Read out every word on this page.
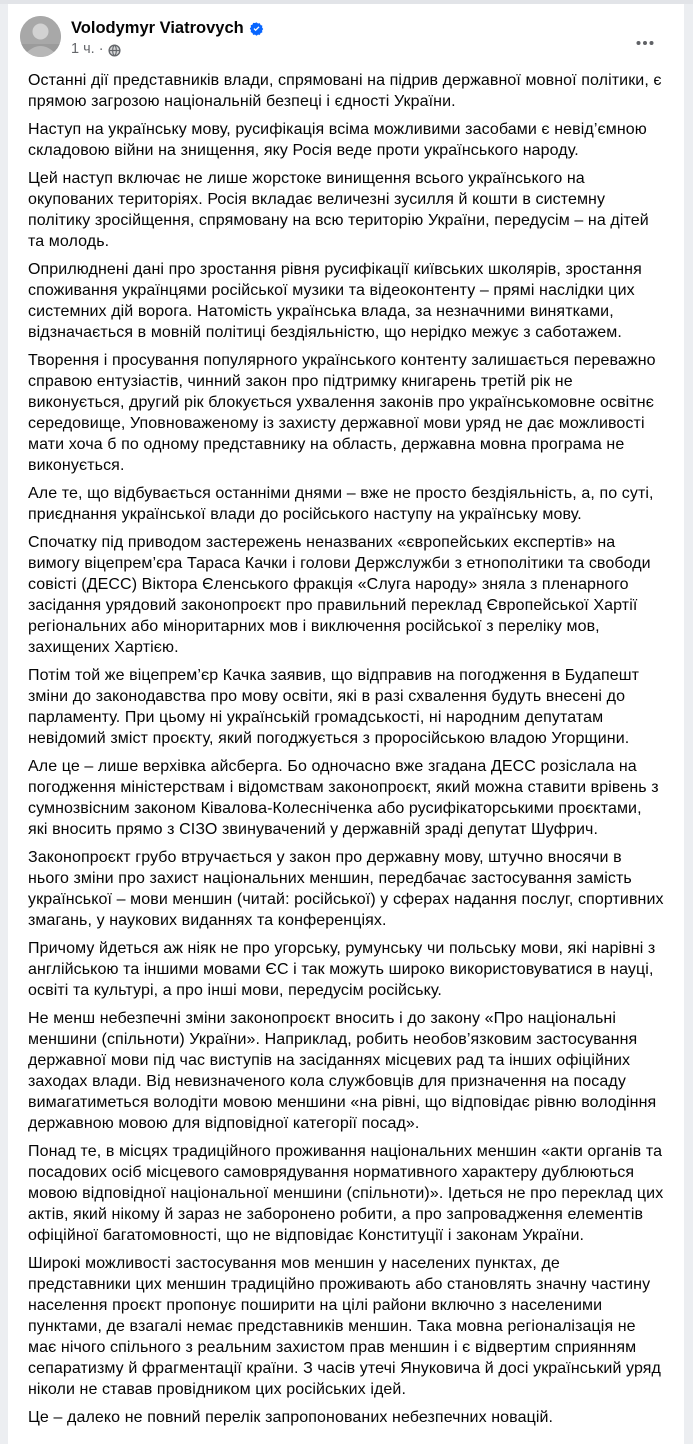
Volodymyr Viatrovych
1 ч. ·

Останні дії представників влади, спрямовані на підрив державної мовної політики, є прямою загрозою національній безпеці і єдності України.

Наступ на українську мову, русифікація всіма можливими засобами є невід’ємною складовою війни на знищення, яку Росія веде проти українського народу.

Цей наступ включає не лише жорстоке винищення всього українського на окупованих територіях. Росія вкладає величезні зусилля й кошти в системну політику зросійщення, спрямовану на всю територію України, передусім – на дітей та молодь.

Оприлюднені дані про зростання рівня русифікації київських школярів, зростання споживання українцями російської музики та відеоконтенту – прямі наслідки цих системних дій ворога. Натомість українська влада, за незначними винятками, відзначається в мовній політиці бездіяльністю, що нерідко межує з саботажем.

Творення і просування популярного українського контенту залишається переважно справою ентузіастів, чинний закон про підтримку книгарень третій рік не виконується, другий рік блокується ухвалення законів про українськомовне освітнє середовище, Уповноваженому із захисту державної мови уряд не дає можливості мати хоча б по одному представнику на область, державна мовна програма не виконується.

Але те, що відбувається останніми днями – вже не просто бездіяльність, а, по суті, приєднання української влади до російського наступу на українську мову.

Спочатку під приводом застережень неназваних «європейських експертів» на вимогу віцепрем’єра Тараса Качки і голови Держслужби з етнополітики та свободи совісті (ДЕСС) Віктора Єленського фракція «Слуга народу» зняла з пленарного засідання урядовий законопроєкт про правильний переклад Європейської Хартії регіональних або міноритарних мов і виключення російської з переліку мов, захищених Хартією.

Потім той же віцепрем’єр Качка заявив, що відправив на погодження в Будапешт зміни до законодавства про мову освіти, які в разі схвалення будуть внесені до парламенту. При цьому ні українській громадськості, ні народним депутатам невідомий зміст проєкту, який погоджується з проросійською владою Угорщини.

Але це – лише верхівка айсберга. Бо одночасно вже згадана ДЕСС розіслала на погодження міністерствам і відомствам законопроєкт, який можна ставити врівень з сумнозвісним законом Ківалова-Колесніченка або русифікаторськими проєктами, які вносить прямо з СІЗО звинувачений у державній зраді депутат Шуфрич.

Законопроєкт грубо втручається у закон про державну мову, штучно вносячи в нього зміни про захист національних меншин, передбачає застосування замість української – мови меншин (читай: російської) у сферах надання послуг, спортивних змагань, у наукових виданнях та конференціях.

Причому йдеться аж ніяк не про угорську, румунську чи польську мови, які нарівні з англійською та іншими мовами ЄС і так можуть широко використовуватися в науці, освіті та культурі, а про інші мови, передусім російську.

Не менш небезпечні зміни законопроєкт вносить і до закону «Про національні меншини (спільноти) України». Наприклад, робить необов’язковим застосування державної мови під час виступів на засіданнях місцевих рад та інших офіційних заходах влади. Від невизначеного кола службовців для призначення на посаду вимагатиметься володіти мовою меншини «на рівні, що відповідає рівню володіння державною мовою для відповідної категорії посад».

Понад те, в місцях традиційного проживання національних меншин «акти органів та посадових осіб місцевого самоврядування нормативного характеру дублюються мовою відповідної національної меншини (спільноти)». Ідеться не про переклад цих актів, який нікому й зараз не заборонено робити, а про запровадження елементів офіційної багатомовності, що не відповідає Конституції і законам України.

Широкі можливості застосування мов меншин у населених пунктах, де представники цих меншин традиційно проживають або становлять значну частину населення проєкт пропонує поширити на цілі райони включно з населеними пунктами, де взагалі немає представників меншин. Така мовна регіоналізація не має нічого спільного з реальним захистом прав меншин і є відвертим сприянням сепаратизму й фрагментації країни. З часів утечі Януковича й досі український уряд ніколи не ставав провідником цих російських ідей.

Це – далеко не повний перелік запропонованих небезпечних новацій.
